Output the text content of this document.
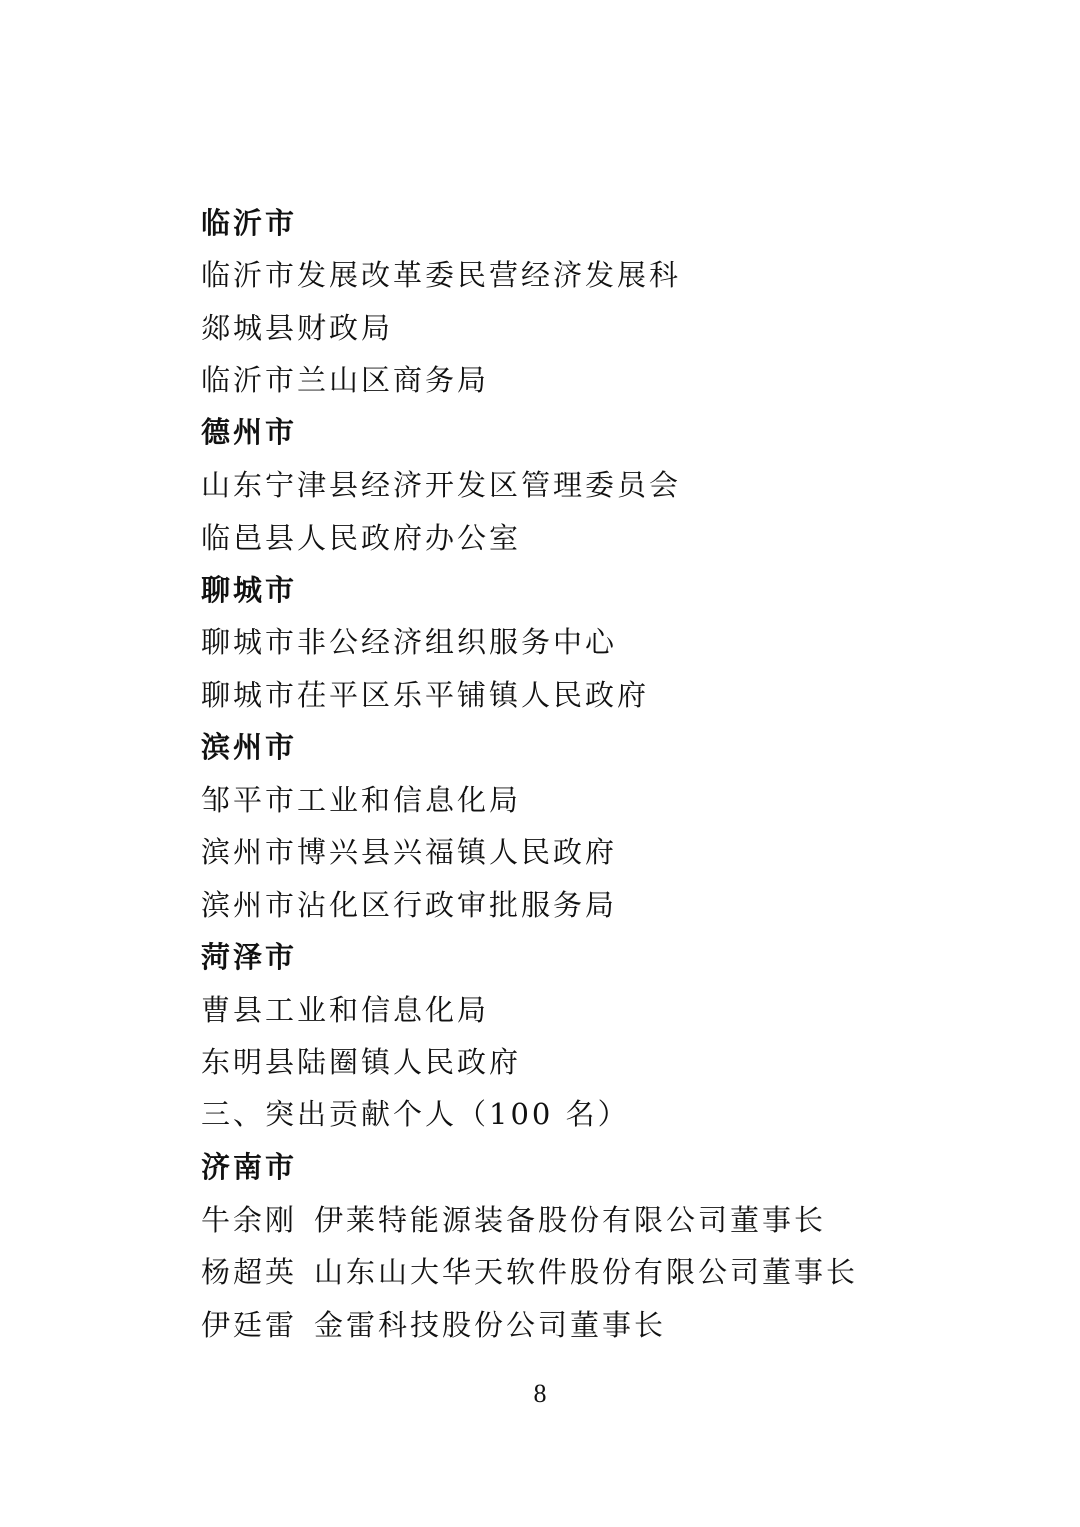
临沂市
临沂市发展改革委民营经济发展科
郯城县财政局
临沂市兰山区商务局
德州市
山东宁津县经济开发区管理委员会
临邑县人民政府办公室
聊城市
聊城市非公经济组织服务中心
聊城市茌平区乐平铺镇人民政府
滨州市
邹平市工业和信息化局
滨州市博兴县兴福镇人民政府
滨州市沾化区行政审批服务局
菏泽市
曹县工业和信息化局
东明县陆圈镇人民政府
三、突出贡献个人（100 名）
济南市
牛余刚 伊莱特能源装备股份有限公司董事长
杨超英 山东山大华天软件股份有限公司董事长
伊廷雷 金雷科技股份公司董事长
8
